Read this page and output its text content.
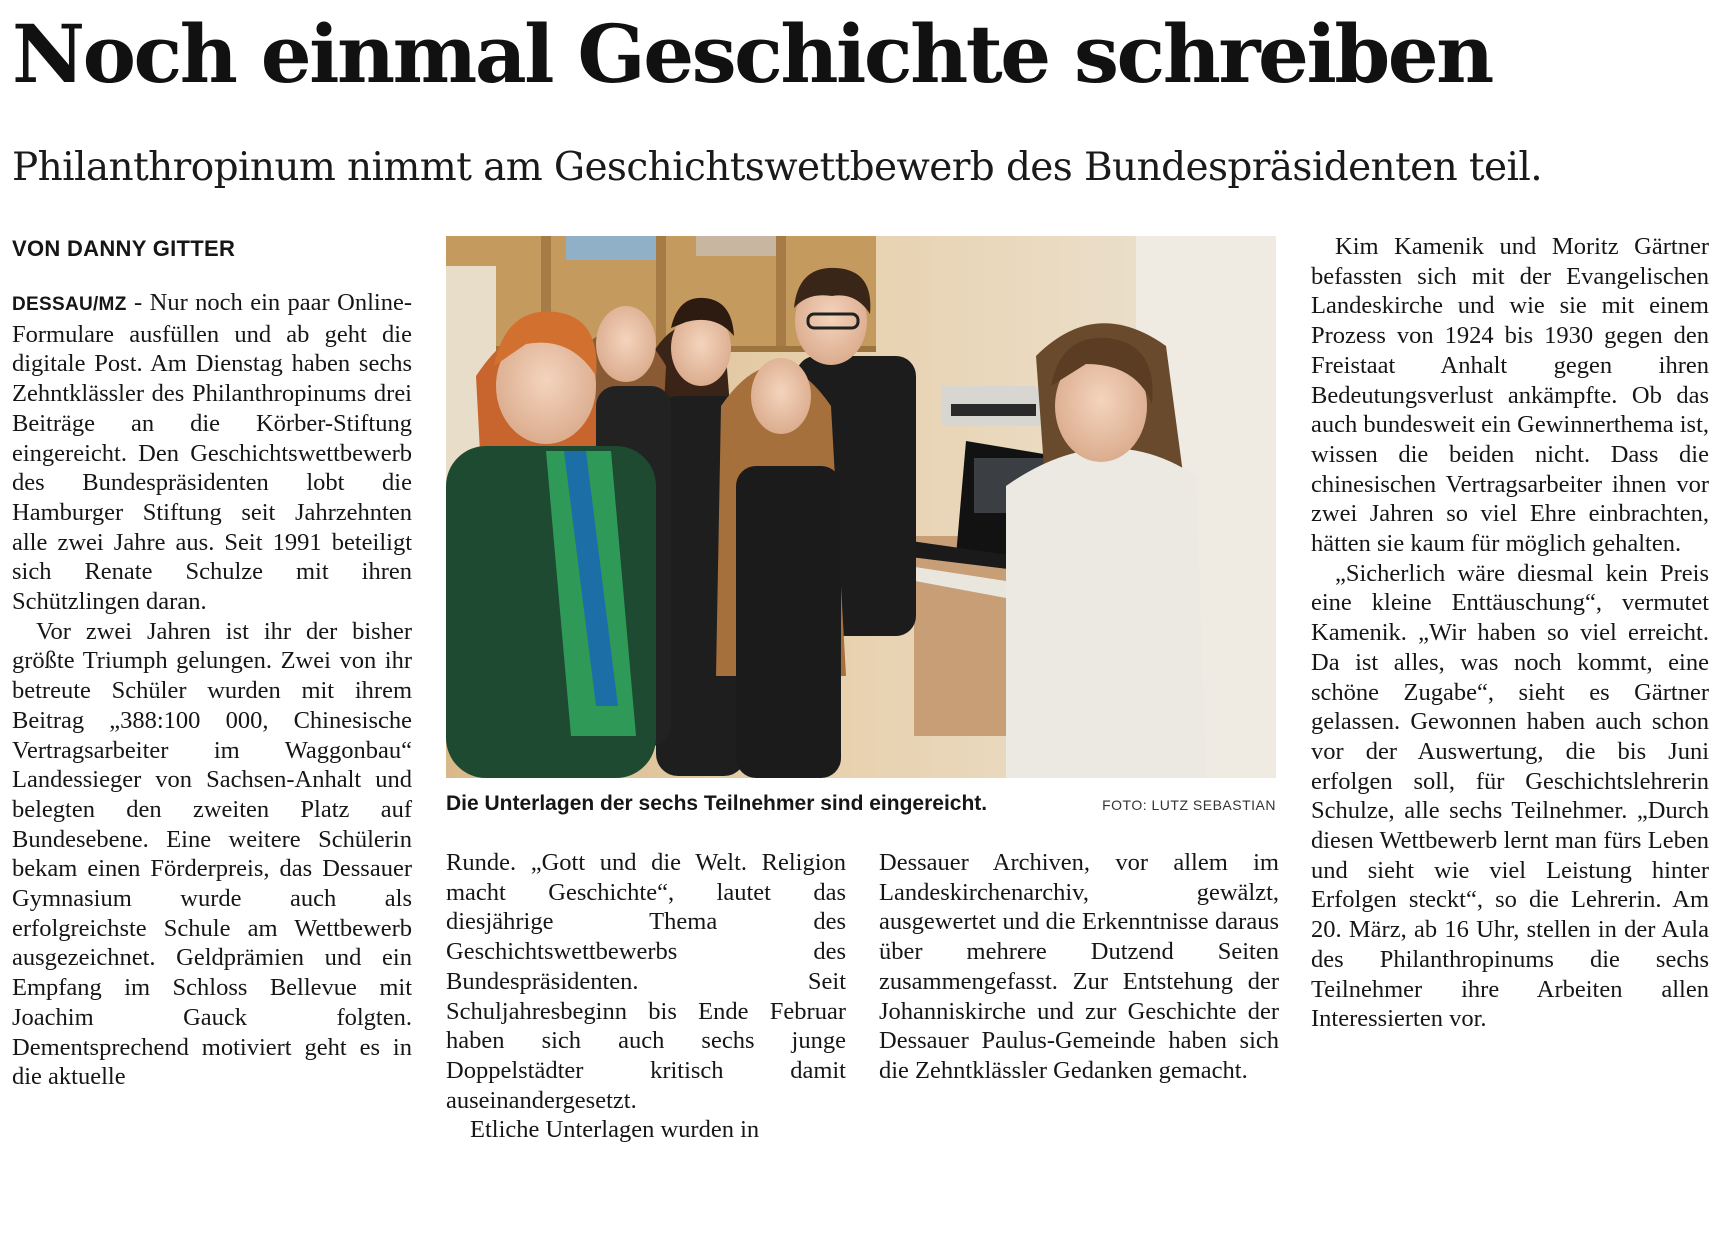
Noch einmal Geschichte schreiben
Philanthropinum nimmt am Geschichtswettbewerb des Bundespräsidenten teil.
VON DANNY GITTER

DESSAU/MZ - Nur noch ein paar Online-Formulare ausfüllen und ab geht die digitale Post. Am Dienstag haben sechs Zehntklässler des Philanthropinums drei Beiträge an die Körber-Stiftung eingereicht. Den Geschichtswettbewerb des Bundespräsidenten lobt die Hamburger Stiftung seit Jahrzehnten alle zwei Jahre aus. Seit 1991 beteiligt sich Renate Schulze mit ihren Schützlingen daran.

Vor zwei Jahren ist ihr der bisher größte Triumph gelungen. Zwei von ihr betreute Schüler wurden mit ihrem Beitrag „388:100 000, Chinesische Vertragsarbeiter im Waggonbau“ Landessieger von Sachsen-Anhalt und belegten den zweiten Platz auf Bundesebene. Eine weitere Schülerin bekam einen Förderpreis, das Dessauer Gymnasium wurde auch als erfolgreichste Schule am Wettbewerb ausgezeichnet. Geldprämien und ein Empfang im Schloss Bellevue mit Joachim Gauck folgten. Dementsprechend motiviert geht es in die aktuelle

Die Unterlagen der sechs Teilnehmer sind eingereicht.	FOTO: LUTZ SEBASTIAN

Runde. „Gott und die Welt. Religion macht Geschichte“, lautet das diesjährige Thema des Geschichtswettbewerbs des Bundespräsidenten. Seit Schuljahresbeginn bis Ende Februar haben sich auch sechs junge Doppelstädter kritisch damit auseinandergesetzt.

Etliche Unterlagen wurden in

Dessauer Archiven, vor allem im Landeskirchenarchiv, gewälzt, ausgewertet und die Erkenntnisse daraus über mehrere Dutzend Seiten zusammengefasst. Zur Entstehung der Johanniskirche und zur Geschichte der Dessauer Paulus-Gemeinde haben sich die Zehntklässler Gedanken gemacht.

Kim Kamenik und Moritz Gärtner befassten sich mit der Evangelischen Landeskirche und wie sie mit einem Prozess von 1924 bis 1930 gegen den Freistaat Anhalt gegen ihren Bedeutungsverlust ankämpfte. Ob das auch bundesweit ein Gewinnerthema ist, wissen die beiden nicht. Dass die chinesischen Vertragsarbeiter ihnen vor zwei Jahren so viel Ehre einbrachten, hätten sie kaum für möglich gehalten.

„Sicherlich wäre diesmal kein Preis eine kleine Enttäuschung“, vermutet Kamenik. „Wir haben so viel erreicht. Da ist alles, was noch kommt, eine schöne Zugabe“, sieht es Gärtner gelassen. Gewonnen haben auch schon vor der Auswertung, die bis Juni erfolgen soll, für Geschichtslehrerin Schulze, alle sechs Teilnehmer. „Durch diesen Wettbewerb lernt man fürs Leben und sieht wie viel Leistung hinter Erfolgen steckt“, so die Lehrerin. Am 20. März, ab 16 Uhr, stellen in der Aula des Philanthropinums die sechs Teilnehmer ihre Arbeiten allen Interessierten vor.
